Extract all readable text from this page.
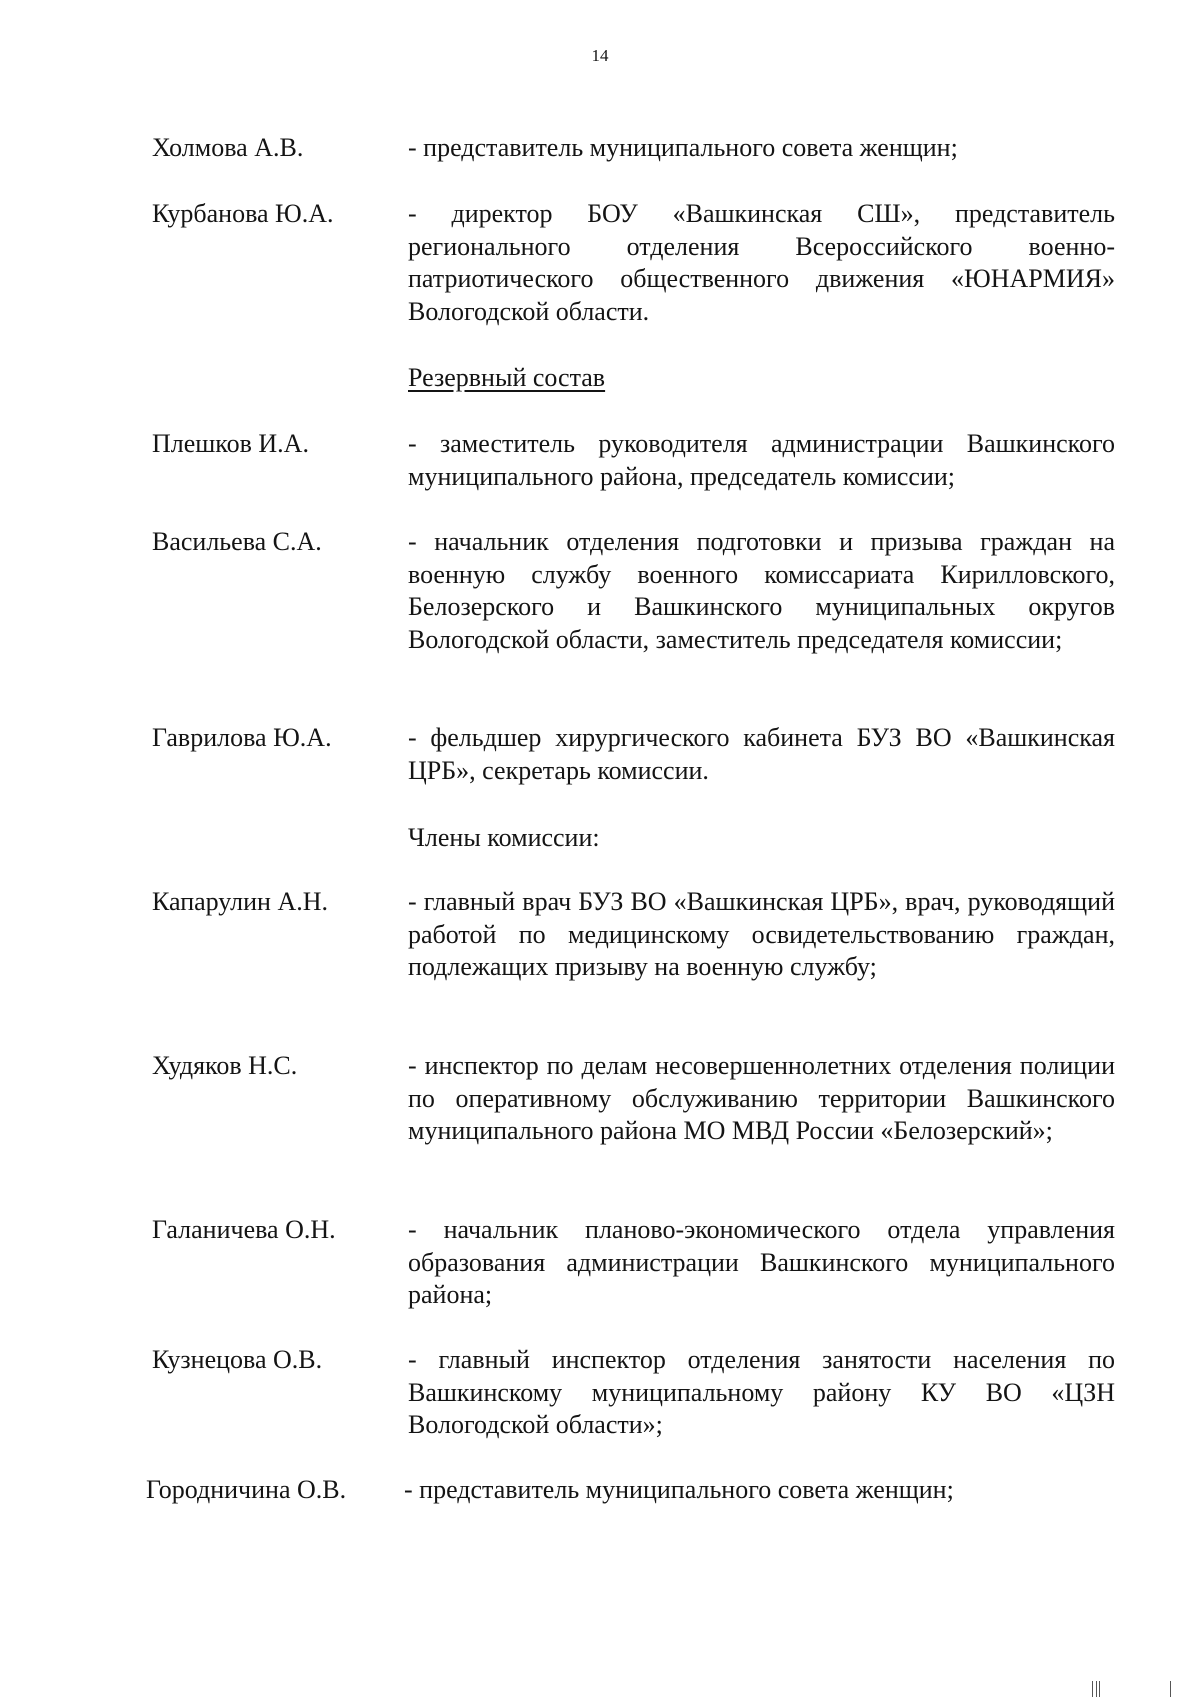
14
Холмова А.В.	- представитель муниципального совета женщин;
Курбанова Ю.А.	- директор БОУ «Вашкинская СШ», представитель регионального отделения Всероссийского военно-патриотического общественного движения «ЮНАРМИЯ» Вологодской области.
Резервный состав
Плешков И.А.	- заместитель руководителя администрации Вашкинского муниципального района, председатель комиссии;
Васильева С.А.	- начальник отделения подготовки и призыва граждан на военную службу военного комиссариата Кирилловского, Белозерского и Вашкинского муниципальных округов Вологодской области, заместитель председателя комиссии;
Гаврилова Ю.А.	- фельдшер хирургического кабинета БУЗ ВО «Вашкинская ЦРБ», секретарь комиссии.
Члены комиссии:
Капарулин А.Н.	- главный врач БУЗ ВО «Вашкинская ЦРБ», врач, руководящий работой по медицинскому освидетельствованию граждан, подлежащих призыву на военную службу;
Худяков Н.С.	- инспектор по делам несовершеннолетних отделения полиции по оперативному обслуживанию территории Вашкинского муниципального района МО МВД России «Белозерский»;
Галаничева О.Н.	- начальник планово-экономического отдела управления образования администрации Вашкинского муниципального района;
Кузнецова О.В.	- главный инспектор отделения занятости населения по Вашкинскому муниципальному району КУ ВО «ЦЗН Вологодской области»;
Городничина О.В. - представитель муниципального совета женщин;
